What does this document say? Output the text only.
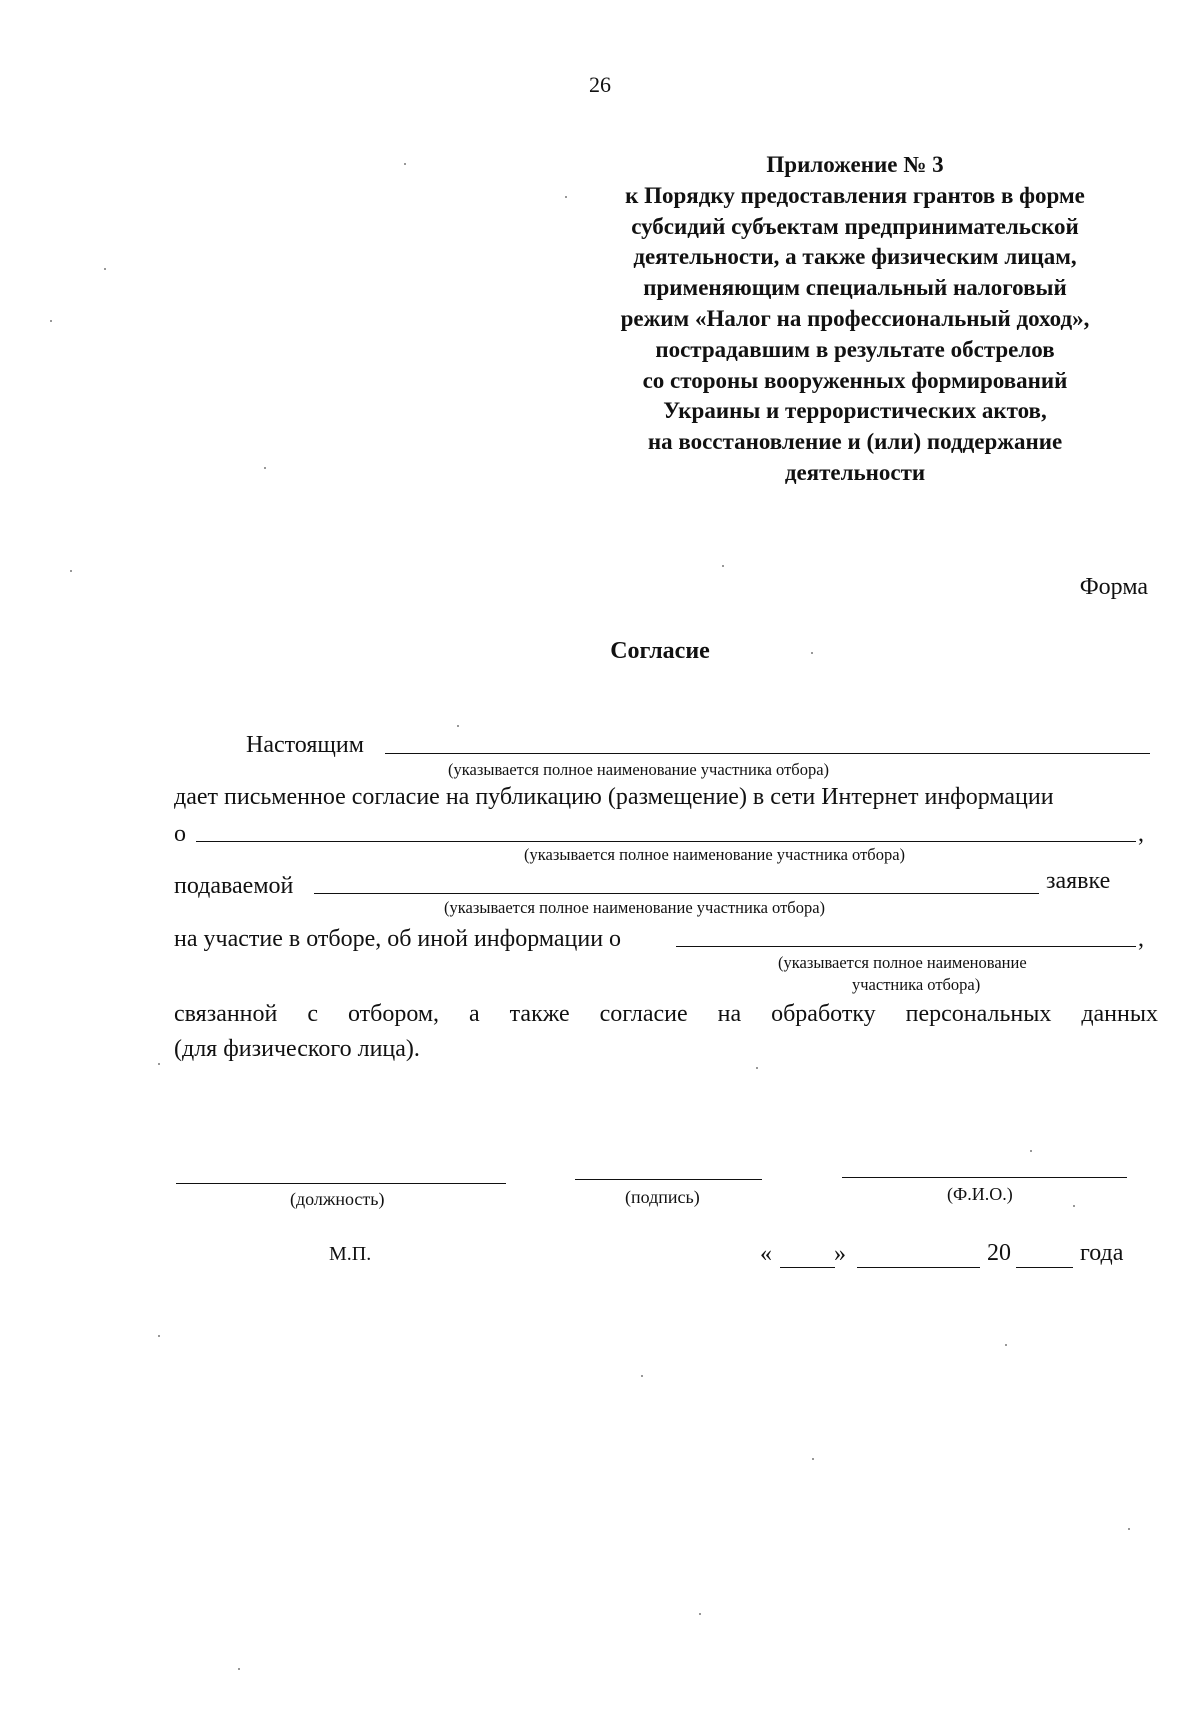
26
Приложение № 3
к Порядку предоставления грантов в форме
субсидий субъектам предпринимательской
деятельности, а также физическим лицам,
применяющим специальный налоговый
режим «Налог на профессиональный доход»,
пострадавшим в результате обстрелов
со стороны вооруженных формирований
Украины и террористических актов,
на восстановление и (или) поддержание
деятельности
Форма
Согласие
Настоящим
(указывается полное наименование участника отбора)
дает письменное согласие на публикацию (размещение) в сети Интернет информации
о	,
(указывается полное наименование участника отбора)
подаваемой	заявке
(указывается полное наименование участника отбора)
на участие в отборе, об иной информации о	,
(указывается полное наименование
участника отбора)
связанной с отбором, а также согласие на обработку персональных данных
(для физического лица).
(должность)	(подпись)	(Ф.И.О.)
М.П.	«	»	20	года
